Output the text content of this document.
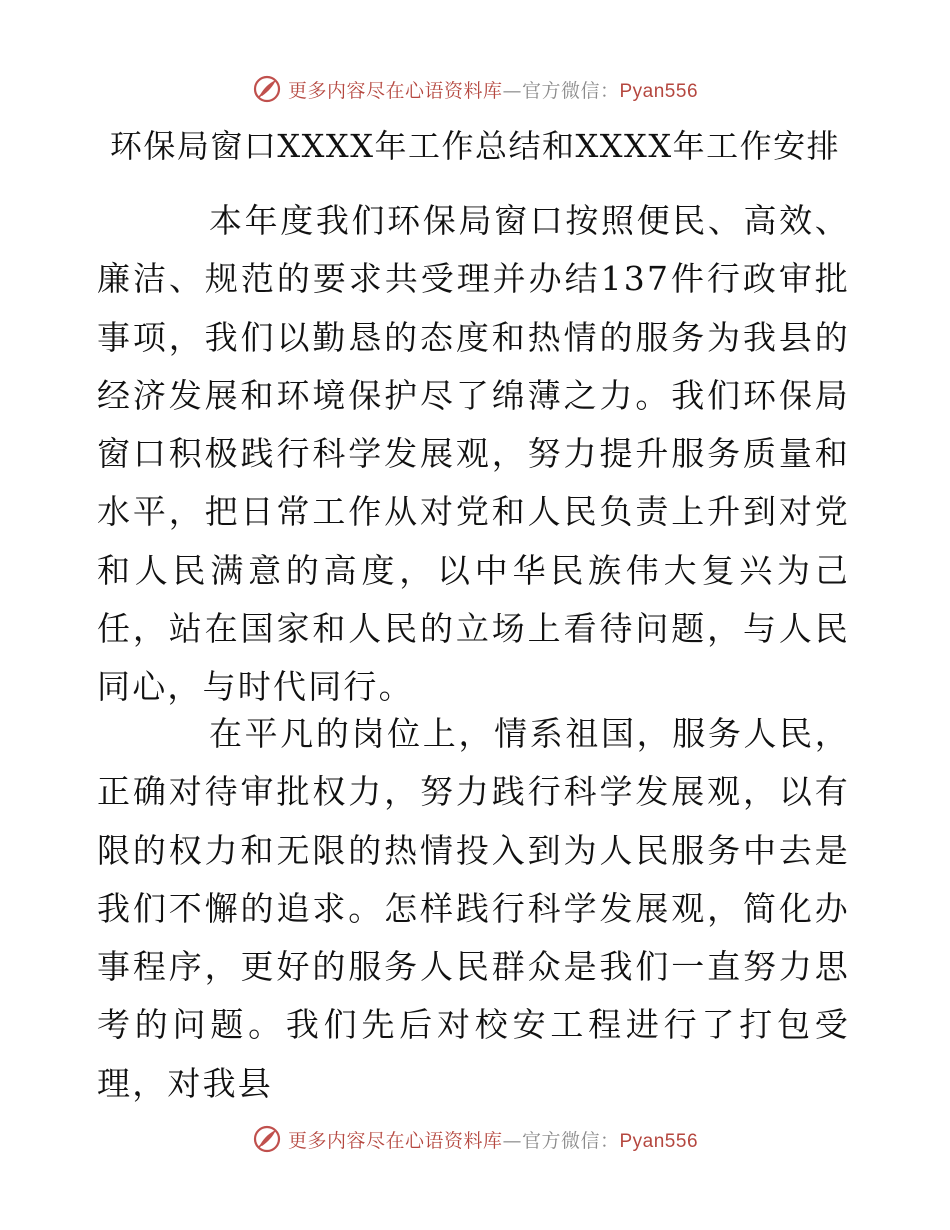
更多内容尽在心语资料库—官方微信：Pyan556
环保局窗口XXXX年工作总结和XXXX年工作安排

本年度我们环保局窗口按照便民、高效、廉洁、规范的要求共受理并办结137件行政审批事项，我们以勤恳的态度和热情的服务为我县的经济发展和环境保护尽了绵薄之力。我们环保局窗口积极践行科学发展观，努力提升服务质量和水平，把日常工作从对党和人民负责上升到对党和人民满意的高度，以中华民族伟大复兴为己任，站在国家和人民的立场上看待问题，与人民同心，与时代同行。

在平凡的岗位上，情系祖国，服务人民，正确对待审批权力，努力践行科学发展观，以有限的权力和无限的热情投入到为人民服务中去是我们不懈的追求。怎样践行科学发展观，简化办事程序，更好的服务人民群众是我们一直努力思考的问题。我们先后对校安工程进行了打包受理，对我县

更多内容尽在心语资料库—官方微信：Pyan556
